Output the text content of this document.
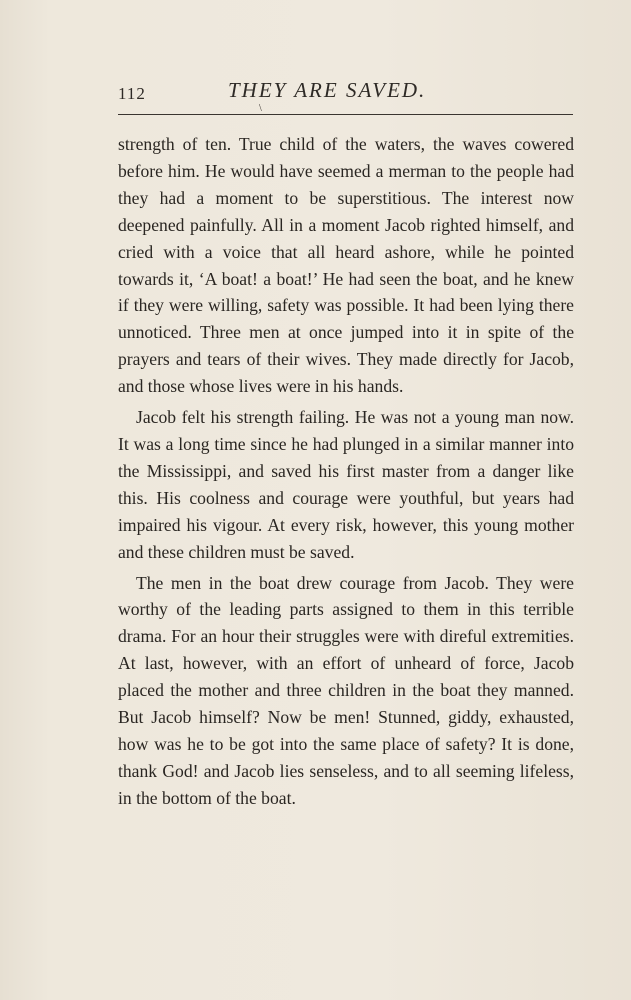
112	THEY ARE SAVED.
\

strength of ten. True child of the waters, the waves cowered before him. He would have seemed a merman to the people had they had a moment to be superstitious. The interest now deepened painfully. All in a moment Jacob righted himself, and cried with a voice that all heard ashore, while he pointed towards it, ‘A boat! a boat!’ He had seen the boat, and he knew if they were willing, safety was possible. It had been lying there unnoticed. Three men at once jumped into it in spite of the prayers and tears of their wives. They made directly for Jacob, and those whose lives were in his hands.

Jacob felt his strength failing. He was not a young man now. It was a long time since he had plunged in a similar manner into the Mississippi, and saved his first master from a danger like this. His coolness and courage were youthful, but years had impaired his vigour. At every risk, however, this young mother and these children must be saved.

The men in the boat drew courage from Jacob. They were worthy of the leading parts assigned to them in this terrible drama. For an hour their struggles were with direful extremities. At last, however, with an effort of unheard of force, Jacob placed the mother and three children in the boat they manned. But Jacob himself? Now be men! Stunned, giddy, exhausted, how was he to be got into the same place of safety? It is done, thank God! and Jacob lies senseless, and to all seeming lifeless, in the bottom of the boat.
